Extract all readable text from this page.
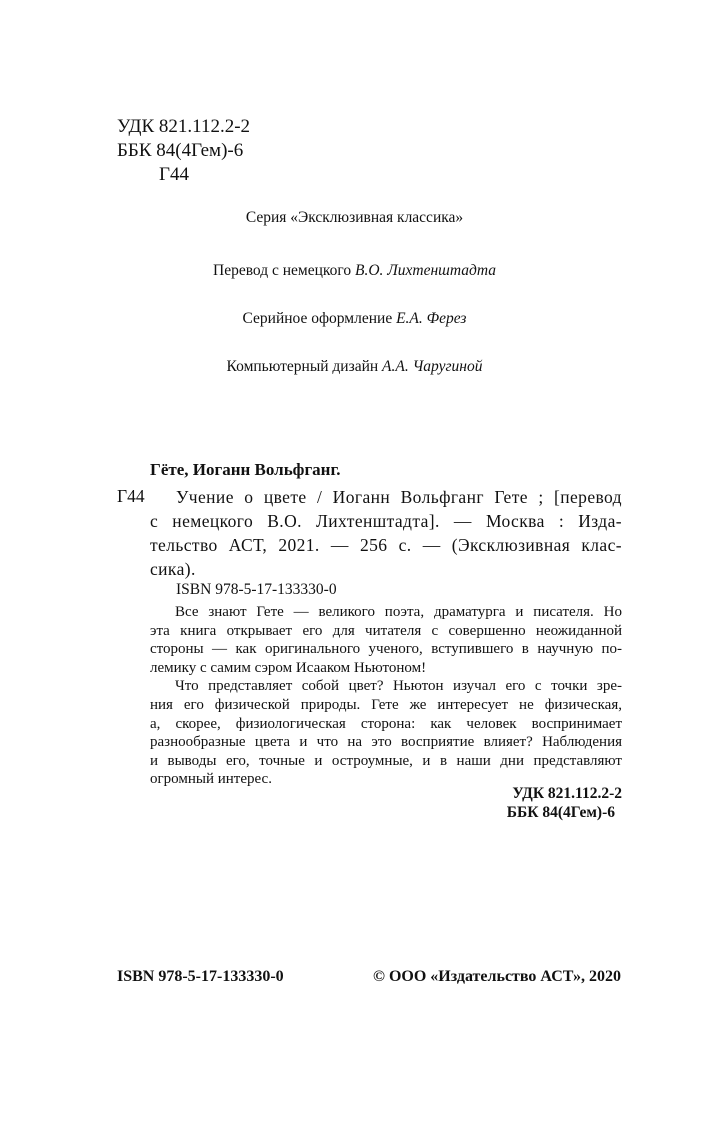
УДК 821.112.2-2
ББК 84(4Гем)-6
Г44
Серия «Эксклюзивная классика»
Перевод с немецкого В.О. Лихтенштадта
Серийное оформление Е.А. Ферез
Компьютерный дизайн А.А. Чаругиной
Гёте, Иоганн Вольфганг.
Г44	Учение о цвете / Иоганн Вольфганг Гете ; [перевод
с немецкого В.О. Лихтенштадта]. — Москва : Изда-
тельство АСТ, 2021. — 256 с. — (Эксклюзивная клас-
сика).
ISBN 978-5-17-133330-0
Все знают Гете — великого поэта, драматурга и писателя. Но
эта книга открывает его для читателя с совершенно неожиданной
стороны — как оригинального ученого, вступившего в научную по-
лемику с самим сэром Исааком Ньютоном!
Что представляет собой цвет? Ньютон изучал его с точки зре-
ния его физической природы. Гете же интересует не физическая,
а, скорее, физиологическая сторона: как человек воспринимает
разнообразные цвета и что на это восприятие влияет? Наблюдения
и выводы его, точные и остроумные, и в наши дни представляют
огромный интерес.
УДК 821.112.2-2
ББК 84(4Гем)-6
ISBN 978-5-17-133330-0	© ООО «Издательство АСТ», 2020
